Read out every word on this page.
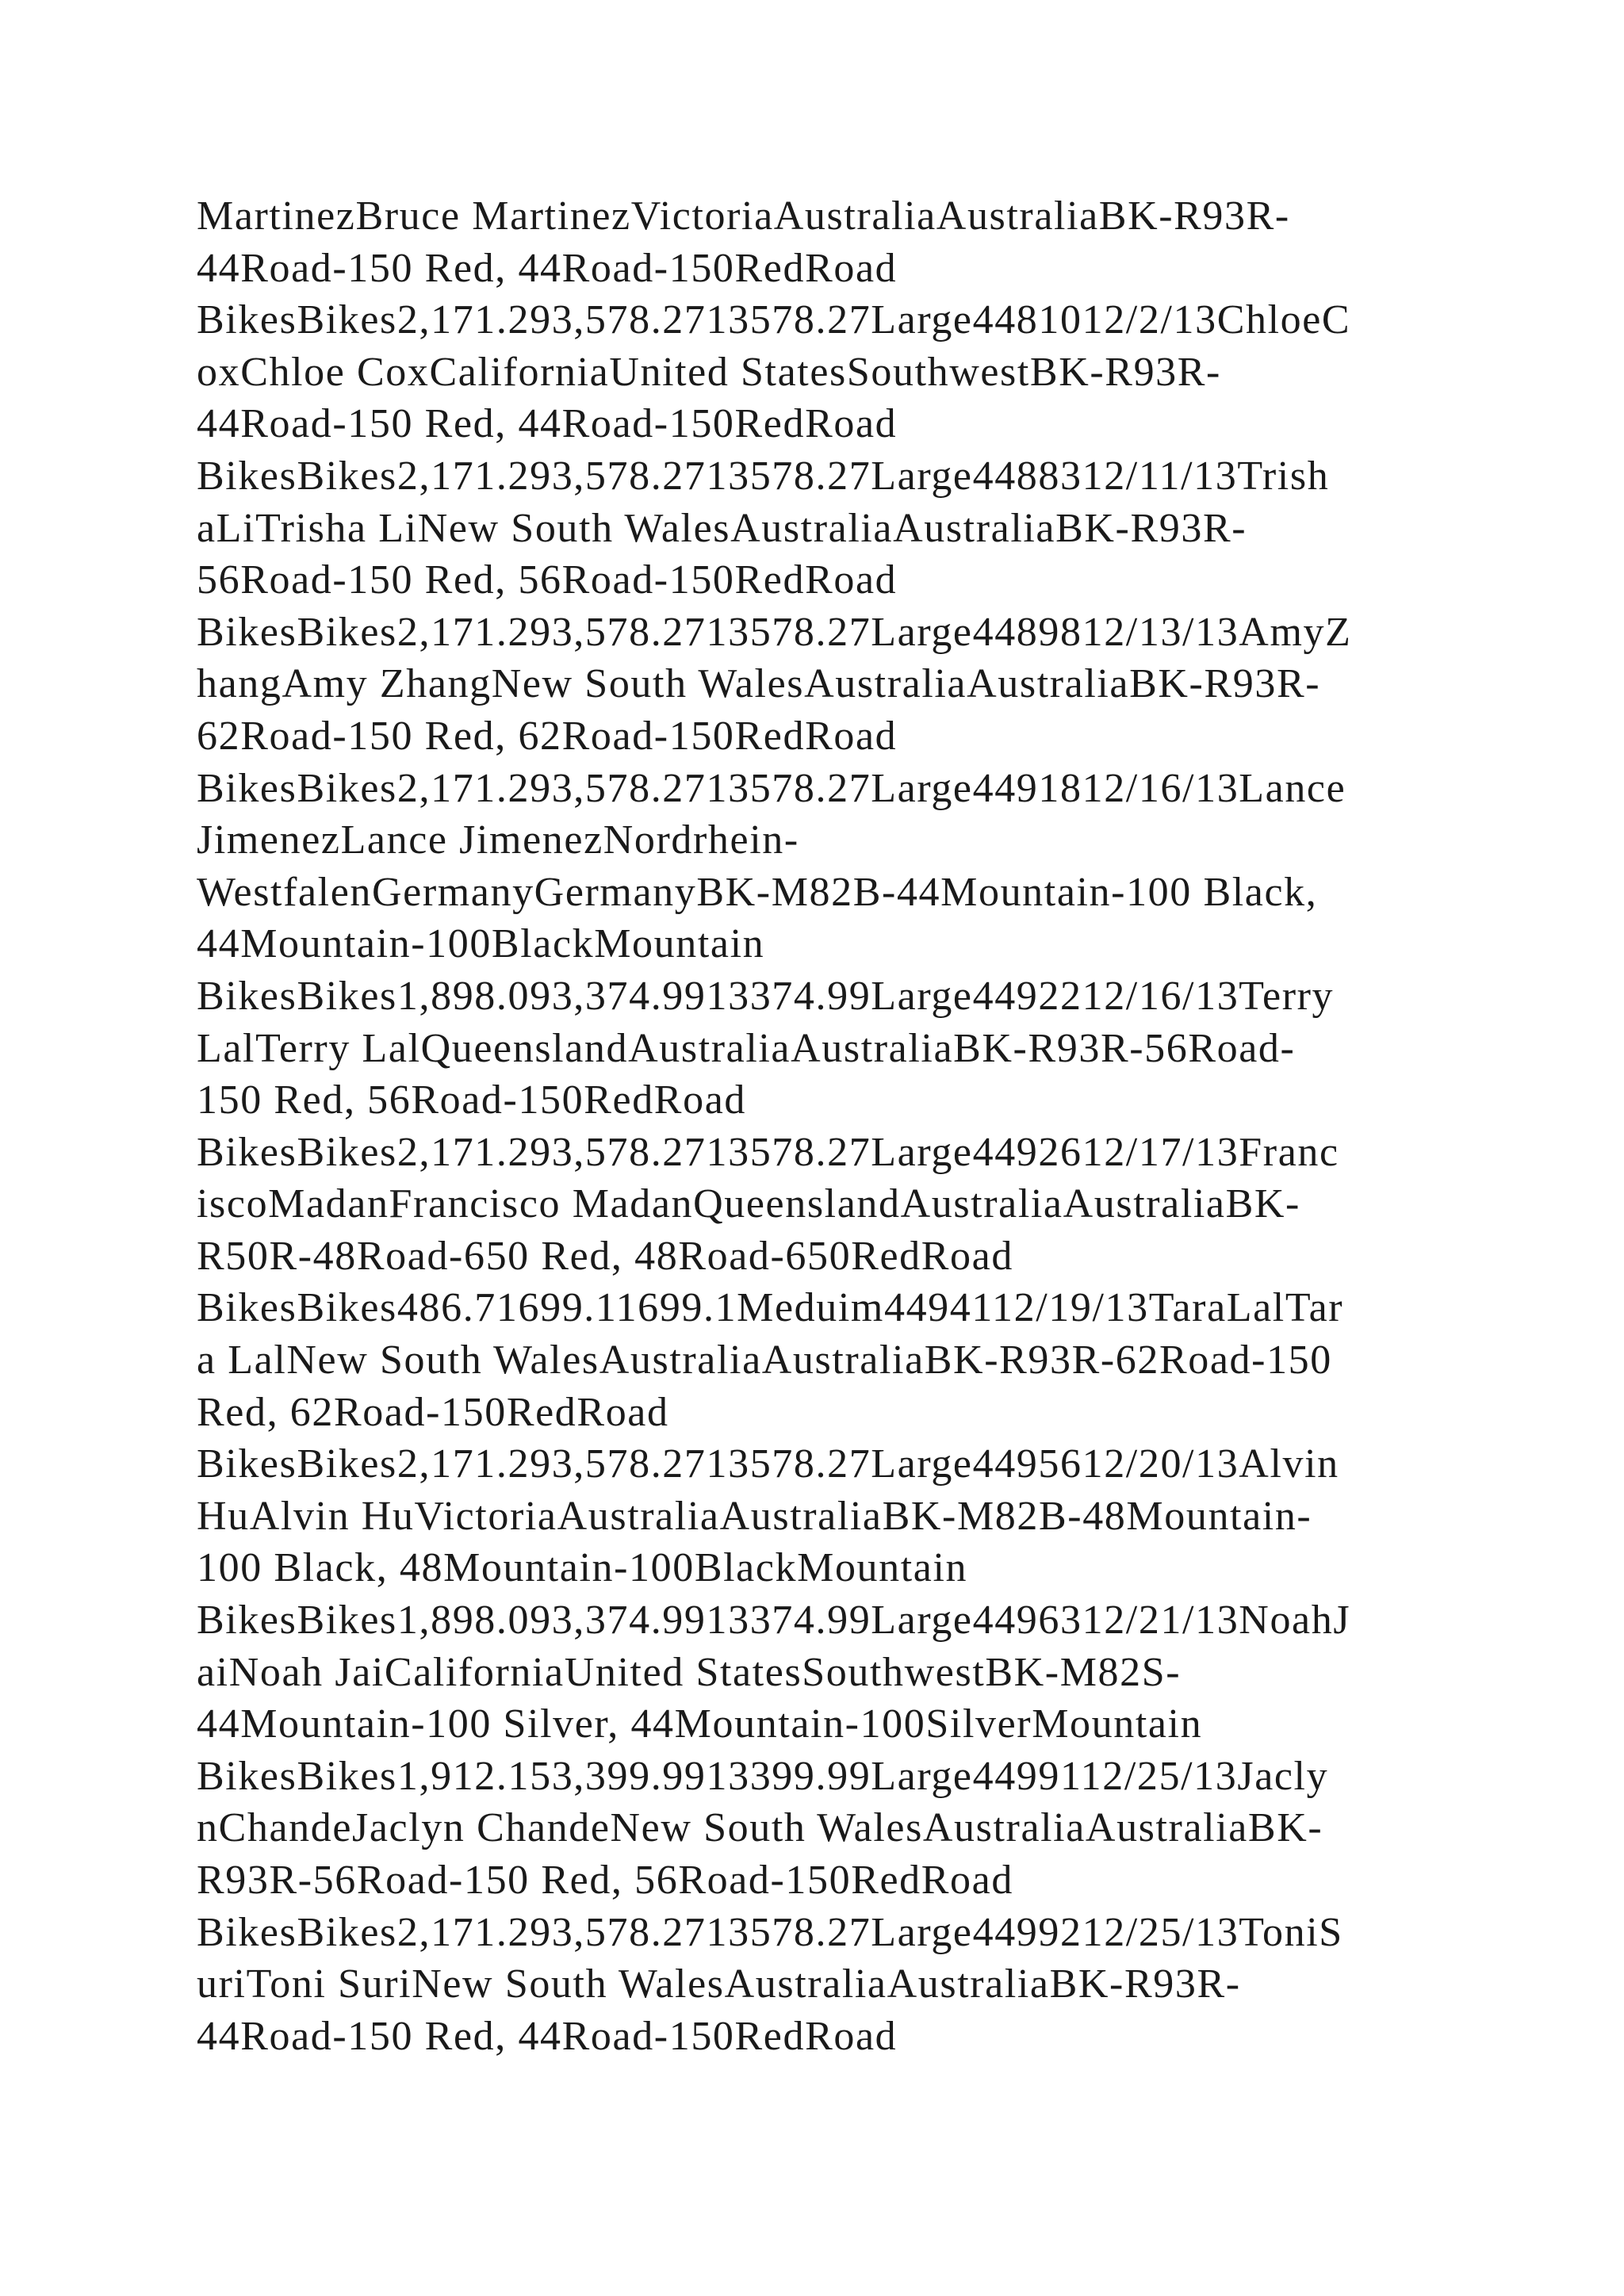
MartinezBruce MartinezVictoriaAustraliaAustraliaBK-R93R-
44Road-150 Red, 44Road-150RedRoad
BikesBikes2,171.293,578.2713578.27Large4481012/2/13ChloeC
oxChloe CoxCaliforniaUnited StatesSouthwestBK-R93R-
44Road-150 Red, 44Road-150RedRoad
BikesBikes2,171.293,578.2713578.27Large4488312/11/13Trish
aLiTrisha LiNew South WalesAustraliaAustraliaBK-R93R-
56Road-150 Red, 56Road-150RedRoad
BikesBikes2,171.293,578.2713578.27Large4489812/13/13AmyZ
hangAmy ZhangNew South WalesAustraliaAustraliaBK-R93R-
62Road-150 Red, 62Road-150RedRoad
BikesBikes2,171.293,578.2713578.27Large4491812/16/13Lance
JimenezLance JimenezNordrhein-
WestfalenGermanyGermanyBK-M82B-44Mountain-100 Black,
44Mountain-100BlackMountain
BikesBikes1,898.093,374.9913374.99Large4492212/16/13Terry
LalTerry LalQueenslandAustraliaAustraliaBK-R93R-56Road-
150 Red, 56Road-150RedRoad
BikesBikes2,171.293,578.2713578.27Large4492612/17/13Franc
iscoMadanFrancisco MadanQueenslandAustraliaAustraliaBK-
R50R-48Road-650 Red, 48Road-650RedRoad
BikesBikes486.71699.11699.1Meduim4494112/19/13TaraLalTar
a LalNew South WalesAustraliaAustraliaBK-R93R-62Road-150
Red, 62Road-150RedRoad
BikesBikes2,171.293,578.2713578.27Large4495612/20/13Alvin
HuAlvin HuVictoriaAustraliaAustraliaBK-M82B-48Mountain-
100 Black, 48Mountain-100BlackMountain
BikesBikes1,898.093,374.9913374.99Large4496312/21/13NoahJ
aiNoah JaiCaliforniaUnited StatesSouthwestBK-M82S-
44Mountain-100 Silver, 44Mountain-100SilverMountain
BikesBikes1,912.153,399.9913399.99Large4499112/25/13Jacly
nChandeJaclyn ChandeNew South WalesAustraliaAustraliaBK-
R93R-56Road-150 Red, 56Road-150RedRoad
BikesBikes2,171.293,578.2713578.27Large4499212/25/13ToniS
uriToni SuriNew South WalesAustraliaAustraliaBK-R93R-
44Road-150 Red, 44Road-150RedRoad
